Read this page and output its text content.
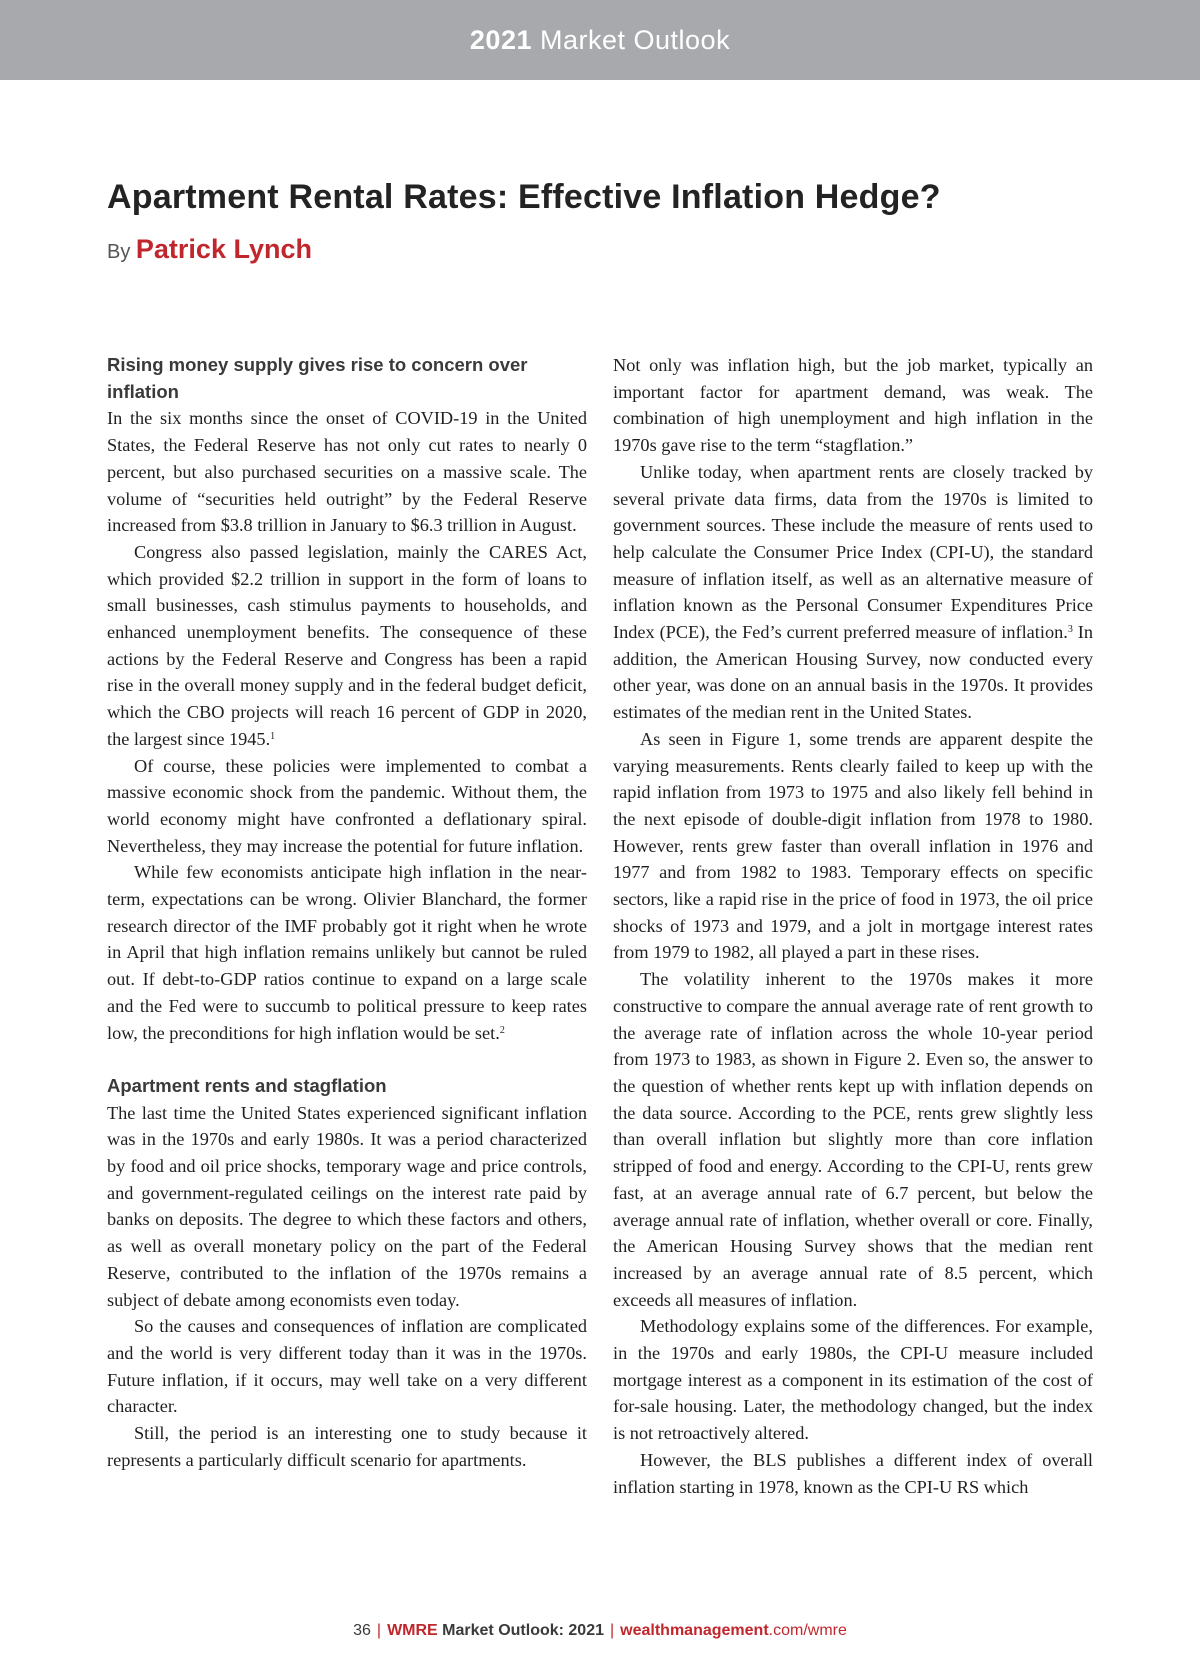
2021 Market Outlook
Apartment Rental Rates: Effective Inflation Hedge?
By Patrick Lynch
Rising money supply gives rise to concern over inflation

In the six months since the onset of COVID-19 in the United States, the Federal Reserve has not only cut rates to nearly 0 percent, but also purchased securities on a massive scale. The volume of “securities held outright” by the Federal Reserve increased from $3.8 trillion in January to $6.3 trillion in August.

Congress also passed legislation, mainly the CARES Act, which provided $2.2 trillion in support in the form of loans to small businesses, cash stimulus payments to households, and enhanced unemployment benefits. The consequence of these actions by the Federal Reserve and Congress has been a rapid rise in the overall money supply and in the federal budget deficit, which the CBO projects will reach 16 percent of GDP in 2020, the largest since 1945.$^1$

Of course, these policies were implemented to combat a massive economic shock from the pandemic. Without them, the world economy might have confronted a deflationary spiral. Nevertheless, they may increase the potential for future inflation.

While few economists anticipate high inflation in the near-term, expectations can be wrong. Olivier Blanchard, the former research director of the IMF probably got it right when he wrote in April that high inflation remains unlikely but cannot be ruled out. If debt-to-GDP ratios continue to expand on a large scale and the Fed were to succumb to political pressure to keep rates low, the preconditions for high inflation would be set.$^2$

Apartment rents and stagflation

The last time the United States experienced significant inflation was in the 1970s and early 1980s. It was a period characterized by food and oil price shocks, temporary wage and price controls, and government-regulated ceilings on the interest rate paid by banks on deposits. The degree to which these factors and others, as well as overall monetary policy on the part of the Federal Reserve, contributed to the inflation of the 1970s remains a subject of debate among economists even today.

So the causes and consequences of inflation are complicated and the world is very different today than it was in the 1970s. Future inflation, if it occurs, may well take on a very different character.

Still, the period is an interesting one to study because it represents a particularly difficult scenario for apartments.

Not only was inflation high, but the job market, typically an important factor for apartment demand, was weak. The combination of high unemployment and high inflation in the 1970s gave rise to the term “stagflation.”

Unlike today, when apartment rents are closely tracked by several private data firms, data from the 1970s is limited to government sources. These include the measure of rents used to help calculate the Consumer Price Index (CPI-U), the standard measure of inflation itself, as well as an alternative measure of inflation known as the Personal Consumer Expenditures Price Index (PCE), the Fed’s current preferred measure of inflation.$^3$ In addition, the American Housing Survey, now conducted every other year, was done on an annual basis in the 1970s. It provides estimates of the median rent in the United States.

As seen in Figure 1, some trends are apparent despite the varying measurements. Rents clearly failed to keep up with the rapid inflation from 1973 to 1975 and also likely fell behind in the next episode of double-digit inflation from 1978 to 1980. However, rents grew faster than overall inflation in 1976 and 1977 and from 1982 to 1983. Temporary effects on specific sectors, like a rapid rise in the price of food in 1973, the oil price shocks of 1973 and 1979, and a jolt in mortgage interest rates from 1979 to 1982, all played a part in these rises.

The volatility inherent to the 1970s makes it more constructive to compare the annual average rate of rent growth to the average rate of inflation across the whole 10-year period from 1973 to 1983, as shown in Figure 2. Even so, the answer to the question of whether rents kept up with inflation depends on the data source. According to the PCE, rents grew slightly less than overall inflation but slightly more than core inflation stripped of food and energy. According to the CPI-U, rents grew fast, at an average annual rate of 6.7 percent, but below the average annual rate of inflation, whether overall or core. Finally, the American Housing Survey shows that the median rent increased by an average annual rate of 8.5 percent, which exceeds all measures of inflation.

Methodology explains some of the differences. For example, in the 1970s and early 1980s, the CPI-U measure included mortgage interest as a component in its estimation of the cost of for-sale housing. Later, the methodology changed, but the index is not retroactively altered.

However, the BLS publishes a different index of overall inflation starting in 1978, known as the CPI-U RS which

36 | WMRE Market Outlook: 2021 | wealthmanagement.com/wmre
